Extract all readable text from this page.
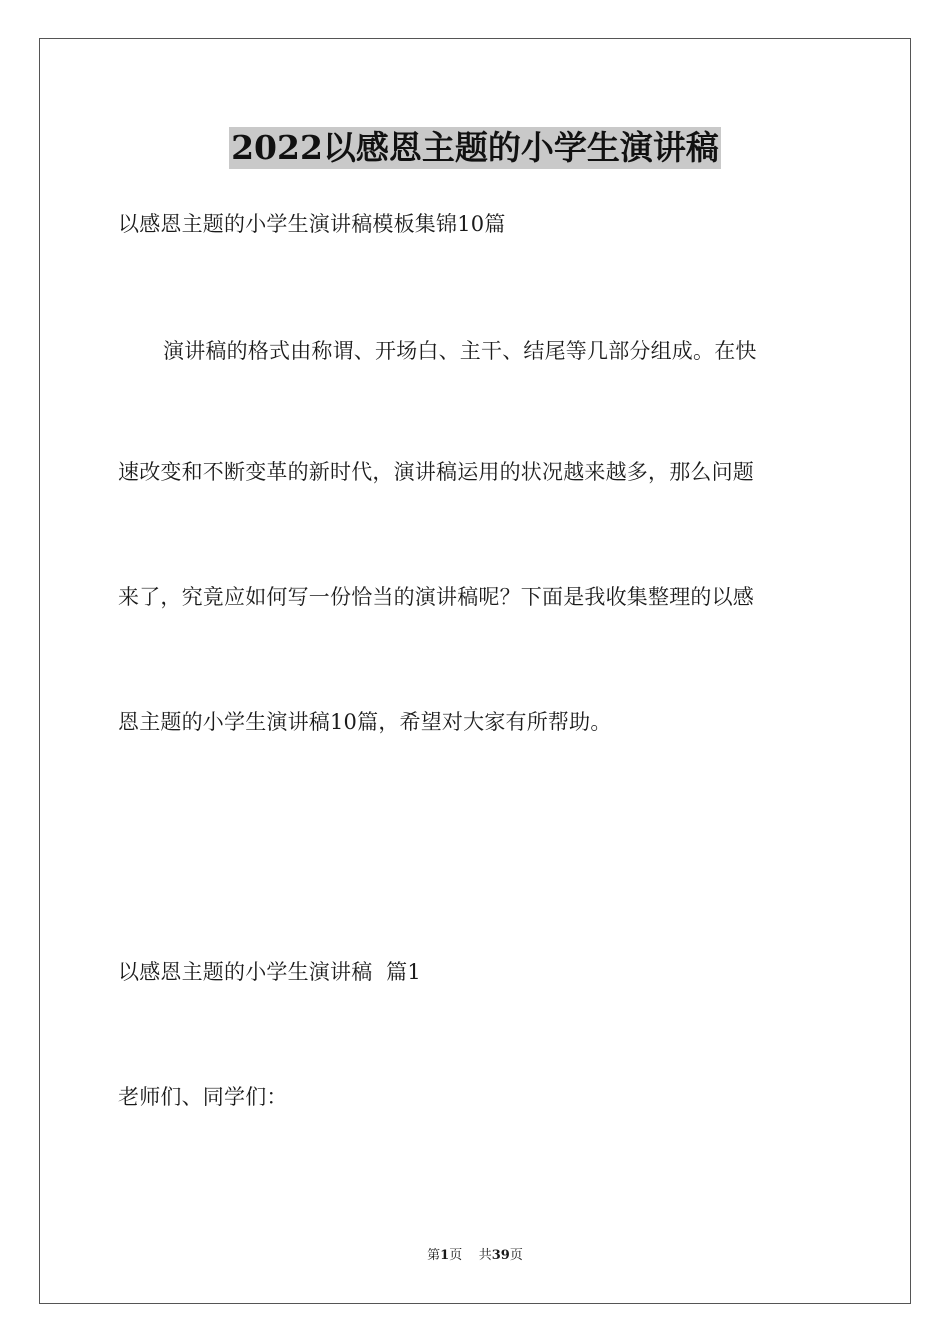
2022以感恩主题的小学生演讲稿
以感恩主题的小学生演讲稿模板集锦10篇
演讲稿的格式由称谓、开场白、主干、结尾等几部分组成。在快
速改变和不断变革的新时代，演讲稿运用的状况越来越多，那么问题
来了，究竟应如何写一份恰当的演讲稿呢？下面是我收集整理的以感
恩主题的小学生演讲稿10篇，希望对大家有所帮助。
以感恩主题的小学生演讲稿  篇1
老师们、同学们：
第1页 共39页
